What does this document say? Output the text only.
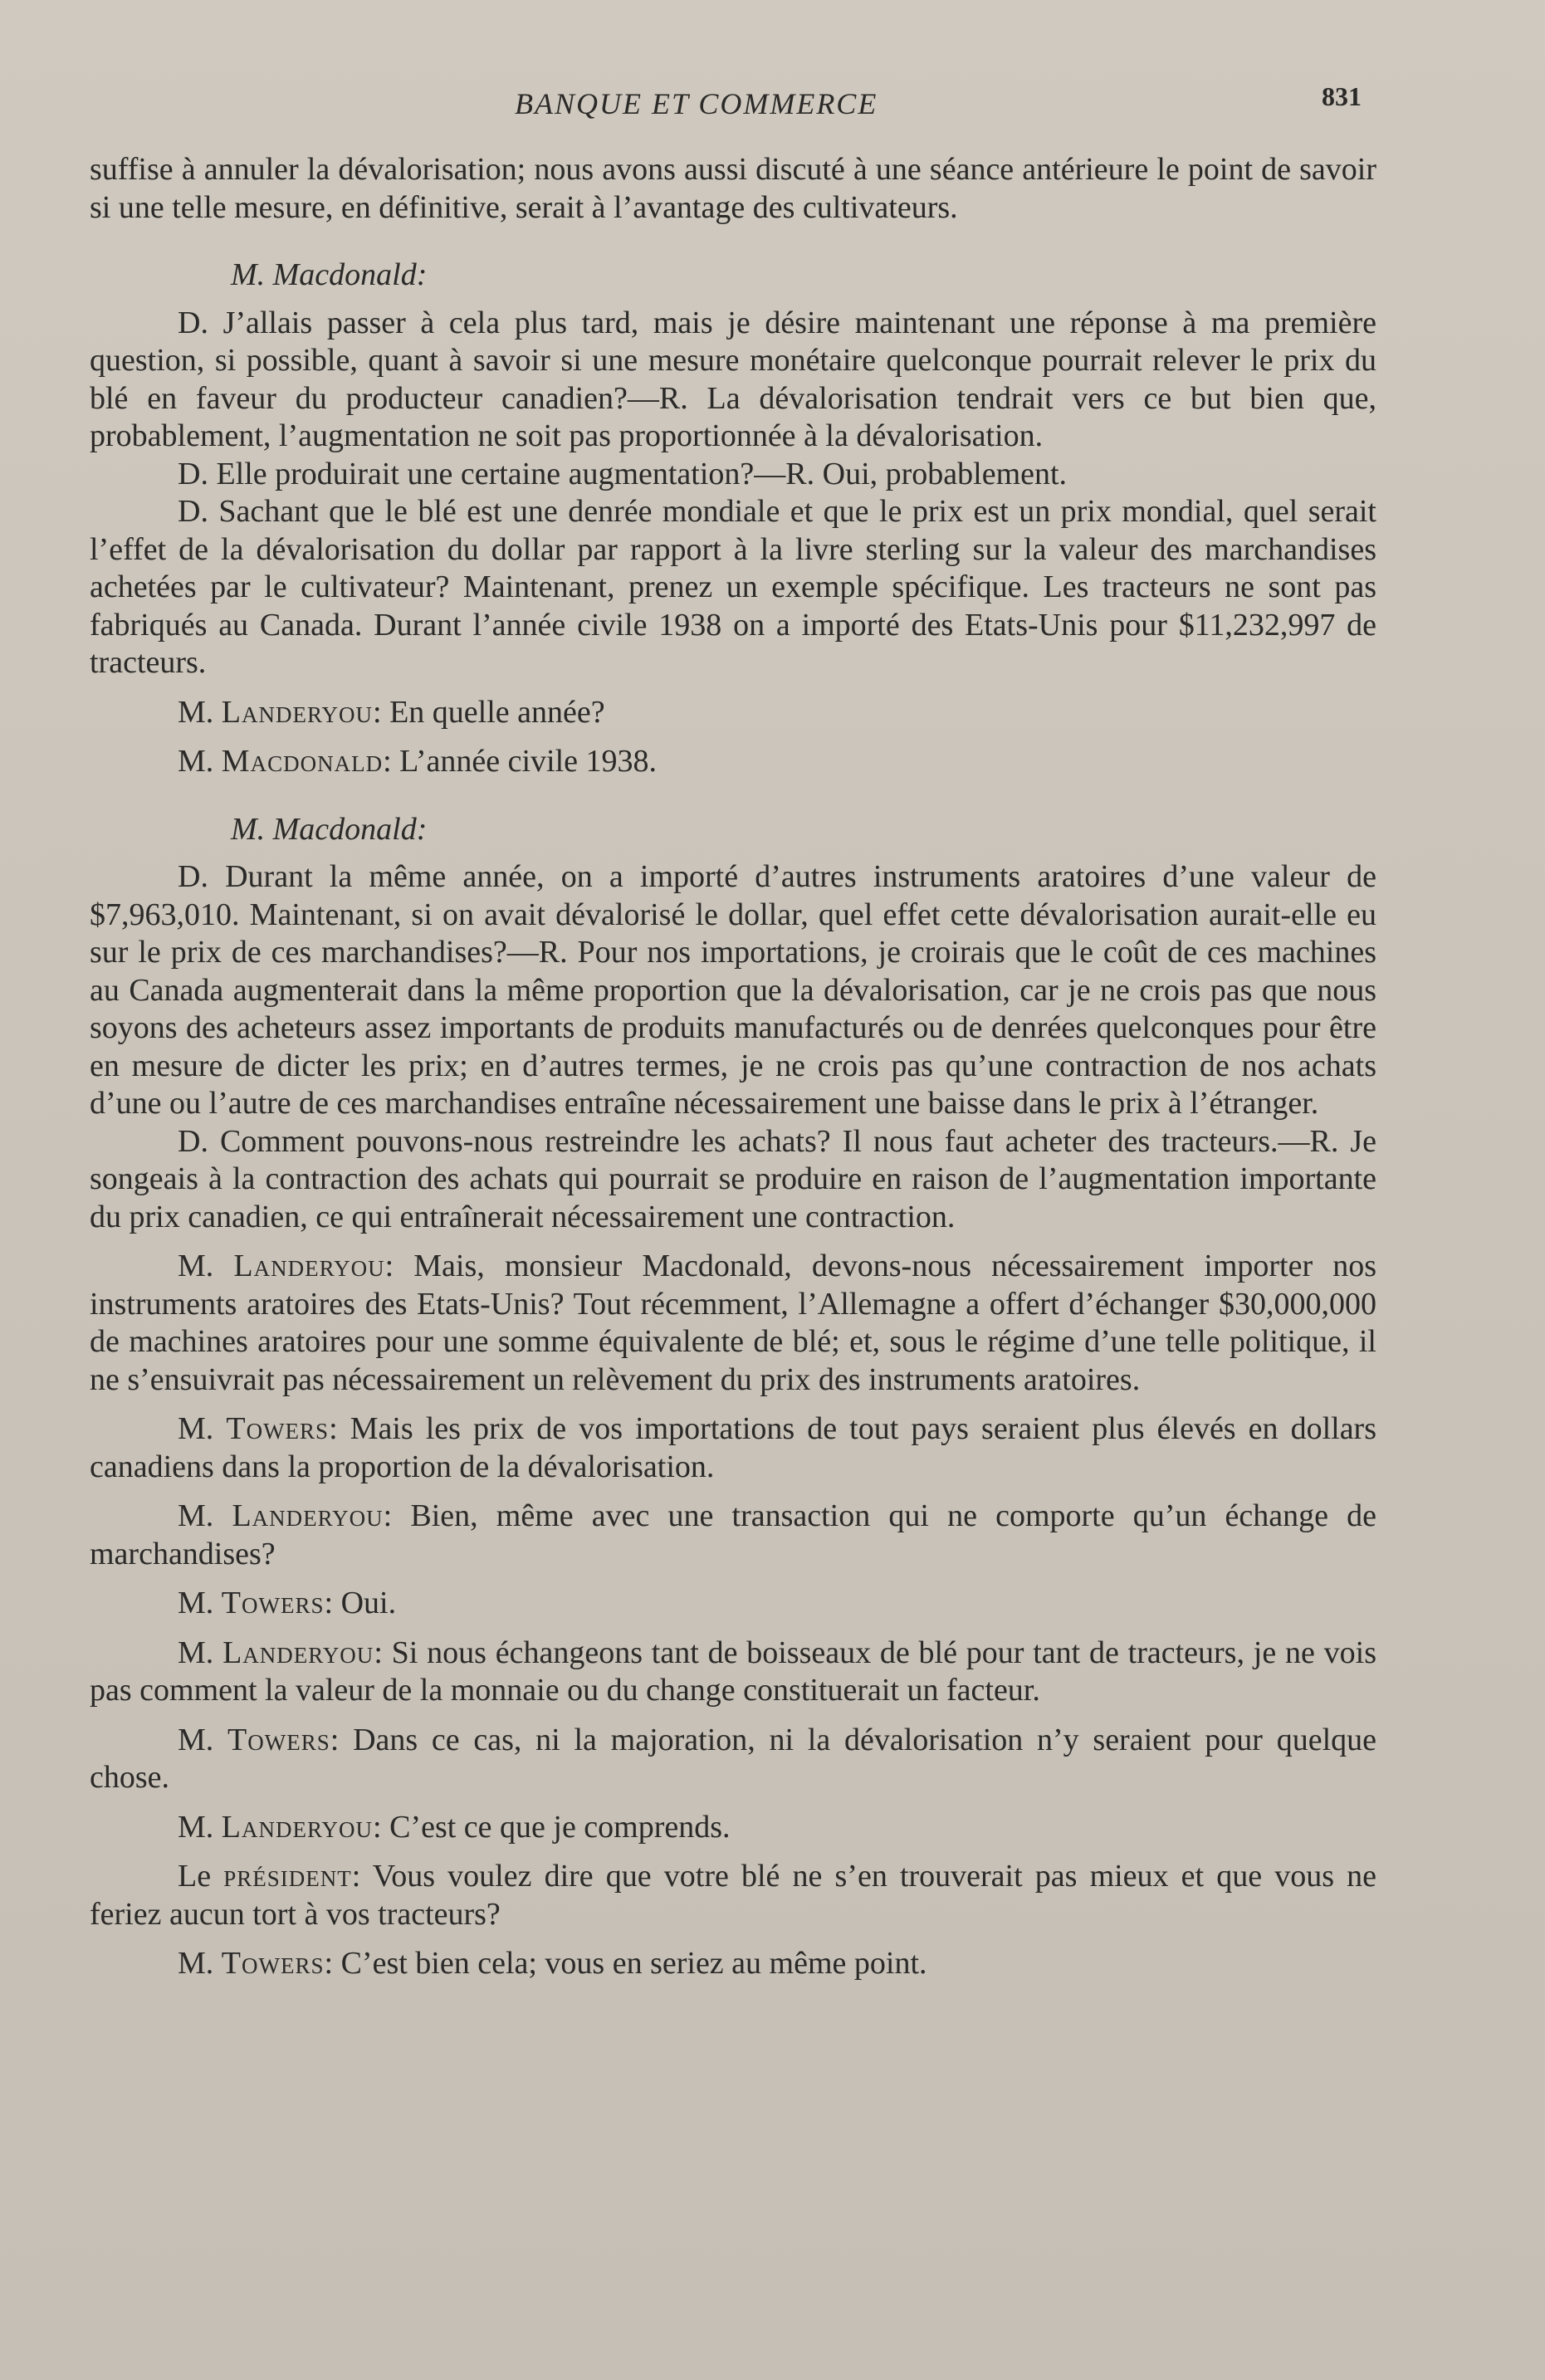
BANQUE ET COMMERCE	831

suffise à annuler la dévalorisation; nous avons aussi discuté à une séance antérieure le point de savoir si une telle mesure, en définitive, serait à l’avantage des cultivateurs.

M. Macdonald:

D. J’allais passer à cela plus tard, mais je désire maintenant une réponse à ma première question, si possible, quant à savoir si une mesure monétaire quelconque pourrait relever le prix du blé en faveur du producteur canadien?—R. La dévalorisation tendrait vers ce but bien que, probablement, l’augmentation ne soit pas proportionnée à la dévalorisation.

D. Elle produirait une certaine augmentation?—R. Oui, probablement.

D. Sachant que le blé est une denrée mondiale et que le prix est un prix mondial, quel serait l’effet de la dévalorisation du dollar par rapport à la livre sterling sur la valeur des marchandises achetées par le cultivateur? Maintenant, prenez un exemple spécifique. Les tracteurs ne sont pas fabriqués au Canada. Durant l’année civile 1938 on a importé des Etats-Unis pour $11,232,997 de tracteurs.

M. Landeryou: En quelle année?

M. Macdonald: L’année civile 1938.

M. Macdonald:

D. Durant la même année, on a importé d’autres instruments aratoires d’une valeur de $7,963,010. Maintenant, si on avait dévalorisé le dollar, quel effet cette dévalorisation aurait-elle eu sur le prix de ces marchandises?—R. Pour nos importations, je croirais que le coût de ces machines au Canada augmenterait dans la même proportion que la dévalorisation, car je ne crois pas que nous soyons des acheteurs assez importants de produits manufacturés ou de denrées quelconques pour être en mesure de dicter les prix; en d’autres termes, je ne crois pas qu’une contraction de nos achats d’une ou l’autre de ces marchandises entraîne nécessairement une baisse dans le prix à l’étranger.

D. Comment pouvons-nous restreindre les achats? Il nous faut acheter des tracteurs.—R. Je songeais à la contraction des achats qui pourrait se produire en raison de l’augmentation importante du prix canadien, ce qui entraînerait nécessairement une contraction.

M. Landeryou: Mais, monsieur Macdonald, devons-nous nécessairement importer nos instruments aratoires des Etats-Unis? Tout récemment, l’Allemagne a offert d’échanger $30,000,000 de machines aratoires pour une somme équivalente de blé; et, sous le régime d’une telle politique, il ne s’ensuivrait pas nécessairement un relèvement du prix des instruments aratoires.

M. Towers: Mais les prix de vos importations de tout pays seraient plus élevés en dollars canadiens dans la proportion de la dévalorisation.

M. Landeryou: Bien, même avec une transaction qui ne comporte qu’un échange de marchandises?

M. Towers: Oui.

M. Landeryou: Si nous échangeons tant de boisseaux de blé pour tant de tracteurs, je ne vois pas comment la valeur de la monnaie ou du change constituerait un facteur.

M. Towers: Dans ce cas, ni la majoration, ni la dévalorisation n’y seraient pour quelque chose.

M. Landeryou: C’est ce que je comprends.

Le président: Vous voulez dire que votre blé ne s’en trouverait pas mieux et que vous ne feriez aucun tort à vos tracteurs?

M. Towers: C’est bien cela; vous en seriez au même point.
